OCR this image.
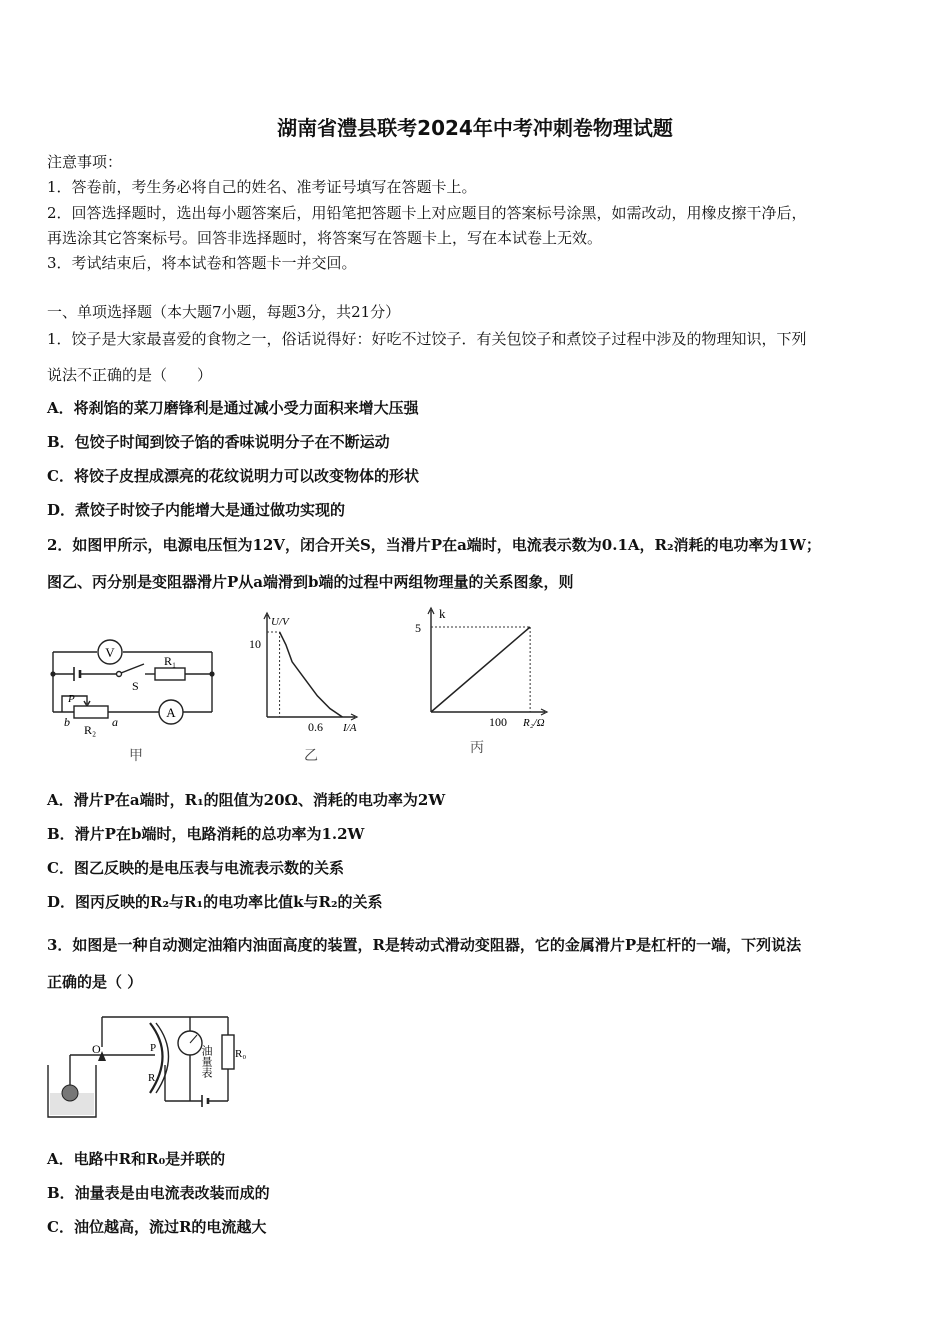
湖南省澧县联考2024年中考冲刺卷物理试题
注意事项：
1．答卷前，考生务必将自己的姓名、准考证号填写在答题卡上。
2．回答选择题时，选出每小题答案后，用铅笔把答题卡上对应题目的答案标号涂黑，如需改动，用橡皮擦干净后，
再选涂其它答案标号。回答非选择题时，将答案写在答题卡上，写在本试卷上无效。
3．考试结束后，将本试卷和答题卡一并交回。
一、单项选择题（本大题7小题，每题3分，共21分）
1．饺子是大家最喜爱的食物之一，俗话说得好：好吃不过饺子．有关包饺子和煮饺子过程中涉及的物理知识，下列
说法不正确的是（　　）
A．将刹馅的菜刀磨锋利是通过减小受力面积来增大压强
B．包饺子时闻到饺子馅的香味说明分子在不断运动
C．将饺子皮捏成漂亮的花纹说明力可以改变物体的形状
D．煮饺子时饺子内能增大是通过做功实现的
2．如图甲所示，电源电压恒为12V，闭合开关S，当滑片P在a端时，电流表示数为0.1A，R₂消耗的电功率为1W；
图乙、丙分别是变阻器滑片P从a端滑到b端的过程中两组物理量的关系图象，则
V
A
S
R₁
P
b	a
R₂
甲
U/V
I/A
10
0.6
乙
k
R₂/Ω
5
100
丙
A．滑片P在a端时，R₁的阻值为20Ω、消耗的电功率为2W
B．滑片P在b端时，电路消耗的总功率为1.2W
C．图乙反映的是电压表与电流表示数的关系
D．图丙反映的R₂与R₁的电功率比值k与R₂的关系
3．如图是一种自动测定油箱内油面高度的装置，R是转动式滑动变阻器，它的金属滑片P是杠杆的一端，下列说法
正确的是（ ）
O	P
R
R₀
油量表
A．电路中R和R₀是并联的
B．油量表是由电流表改装而成的
C．油位越高，流过R的电流越大
